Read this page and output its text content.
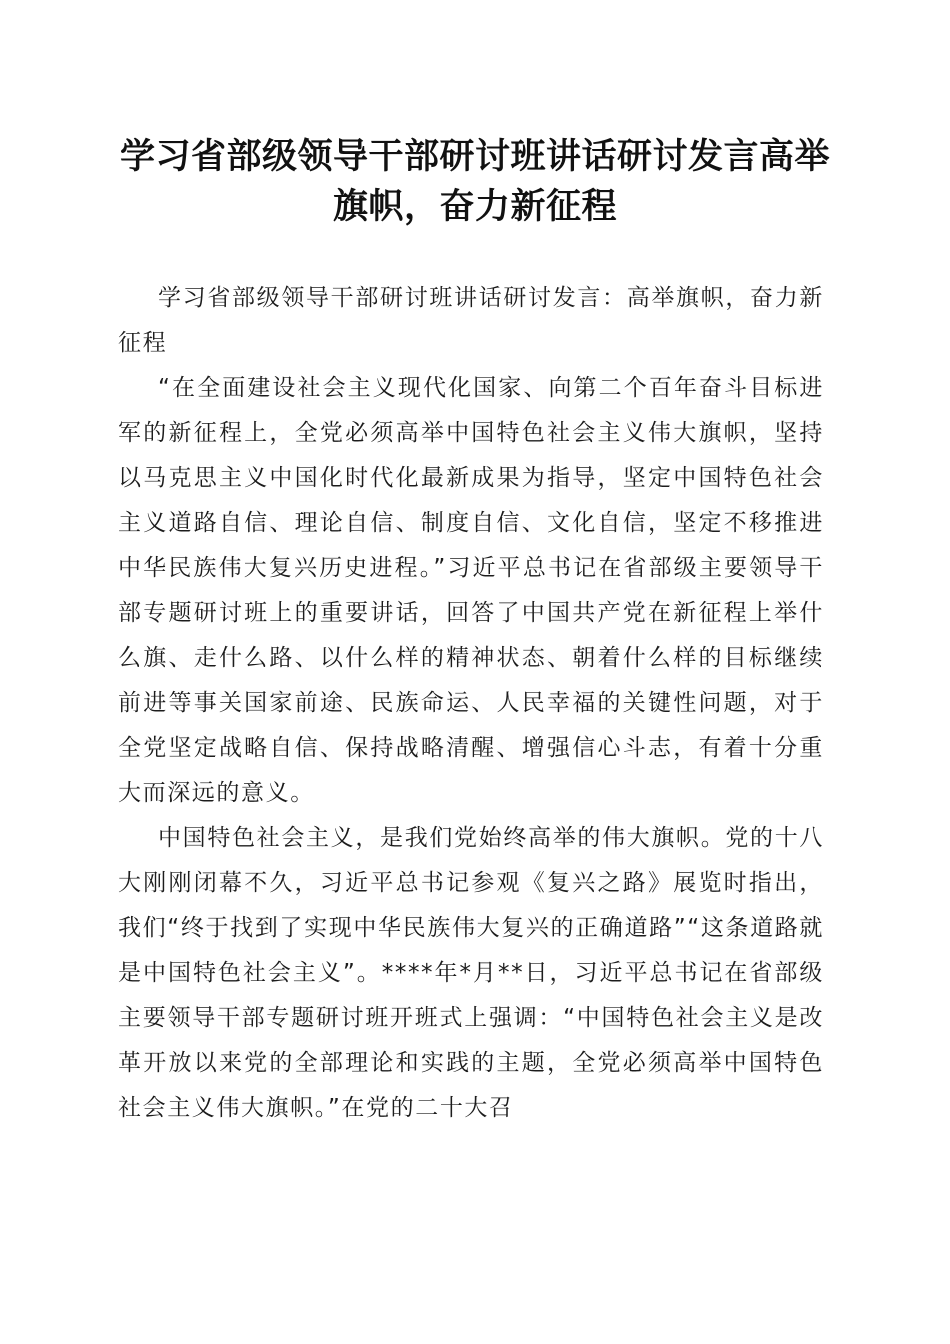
学习省部级领导干部研讨班讲话研讨发言高举旗帜，奋力新征程

学习省部级领导干部研讨班讲话研讨发言：高举旗帜，奋力新征程

“在全面建设社会主义现代化国家、向第二个百年奋斗目标进军的新征程上，全党必须高举中国特色社会主义伟大旗帜，坚持以马克思主义中国化时代化最新成果为指导，坚定中国特色社会主义道路自信、理论自信、制度自信、文化自信，坚定不移推进中华民族伟大复兴历史进程。”习近平总书记在省部级主要领导干部专题研讨班上的重要讲话，回答了中国共产党在新征程上举什么旗、走什么路、以什么样的精神状态、朝着什么样的目标继续前进等事关国家前途、民族命运、人民幸福的关键性问题，对于全党坚定战略自信、保持战略清醒、增强信心斗志，有着十分重大而深远的意义。

中国特色社会主义，是我们党始终高举的伟大旗帜。党的十八大刚刚闭幕不久，习近平总书记参观《复兴之路》展览时指出，我们“终于找到了实现中华民族伟大复兴的正确道路”“这条道路就是中国特色社会主义”。****年*月**日，习近平总书记在省部级主要领导干部专题研讨班开班式上强调：“中国特色社会主义是改革开放以来党的全部理论和实践的主题，全党必须高举中国特色社会主义伟大旗帜。”在党的二十大召
